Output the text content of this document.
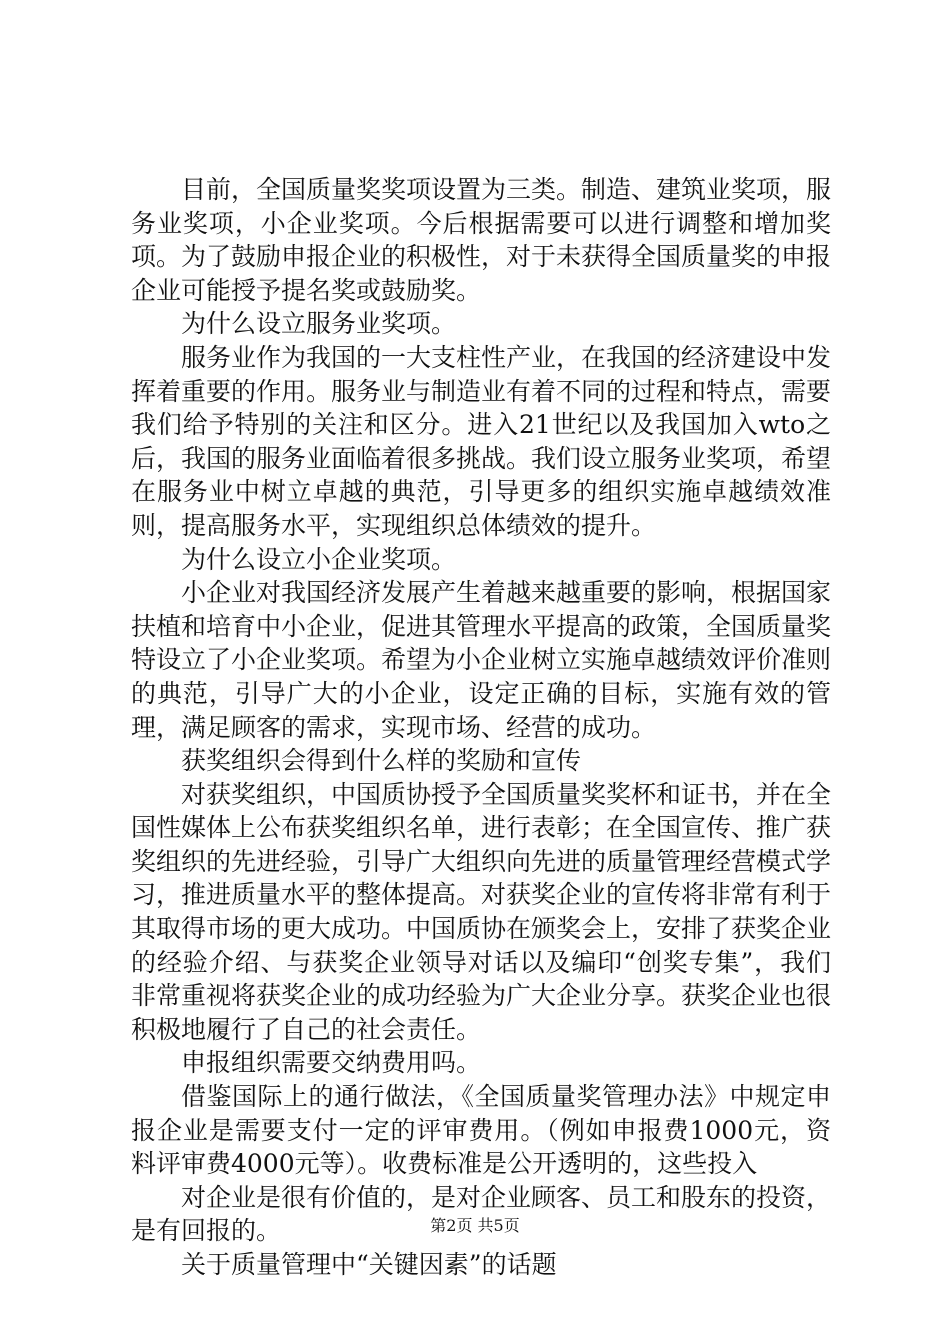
目前，全国质量奖奖项设置为三类。制造、建筑业奖项，服务业奖项，小企业奖项。今后根据需要可以进行调整和增加奖项。为了鼓励申报企业的积极性，对于未获得全国质量奖的申报企业可能授予提名奖或鼓励奖。

为什么设立服务业奖项。

服务业作为我国的一大支柱性产业，在我国的经济建设中发挥着重要的作用。服务业与制造业有着不同的过程和特点，需要我们给予特别的关注和区分。进入21世纪以及我国加入wto之后，我国的服务业面临着很多挑战。我们设立服务业奖项，希望在服务业中树立卓越的典范，引导更多的组织实施卓越绩效准则，提高服务水平，实现组织总体绩效的提升。

为什么设立小企业奖项。

小企业对我国经济发展产生着越来越重要的影响，根据国家扶植和培育中小企业，促进其管理水平提高的政策，全国质量奖特设立了小企业奖项。希望为小企业树立实施卓越绩效评价准则的典范，引导广大的小企业，设定正确的目标，实施有效的管理，满足顾客的需求，实现市场、经营的成功。

获奖组织会得到什么样的奖励和宣传

对获奖组织，中国质协授予全国质量奖奖杯和证书，并在全国性媒体上公布获奖组织名单，进行表彰；在全国宣传、推广获奖组织的先进经验，引导广大组织向先进的质量管理经营模式学习，推进质量水平的整体提高。对获奖企业的宣传将非常有利于其取得市场的更大成功。中国质协在颁奖会上，安排了获奖企业的经验介绍、与获奖企业领导对话以及编印“创奖专集”，我们非常重视将获奖企业的成功经验为广大企业分享。获奖企业也很积极地履行了自己的社会责任。

申报组织需要交纳费用吗。

借鉴国际上的通行做法，《全国质量奖管理办法》中规定申报企业是需要支付一定的评审费用。（例如申报费1000元，资料评审费4000元等）。收费标准是公开透明的，这些投入

对企业是很有价值的，是对企业顾客、员工和股东的投资，是有回报的。

关于质量管理中“关键因素”的话题

第2页 共5页
